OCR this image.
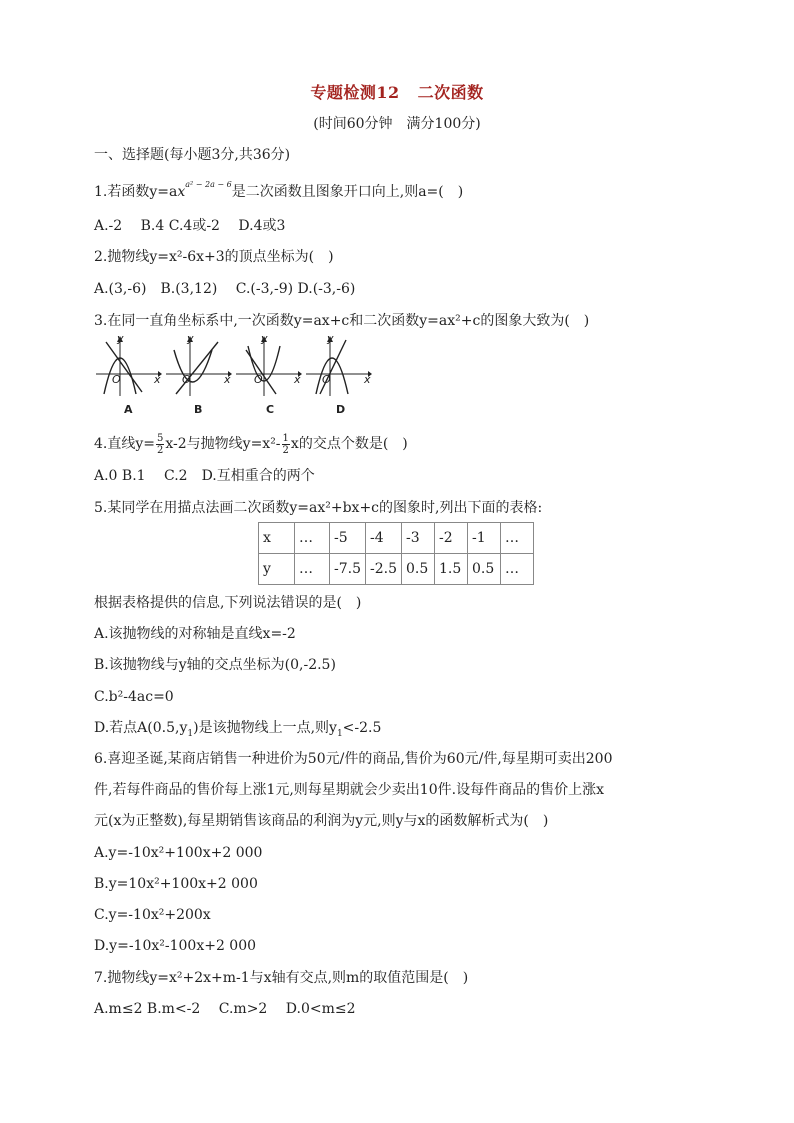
专题检测12 二次函数
(时间60分钟　满分100分)
一、选择题(每小题3分,共36分)
1.若函数$y=ax^{a^2 - 2a - 6}$是二次函数且图象开口向上,则a=(　)
A.-2　 B.4 C.4或-2　 D.4或3
2.抛物线y=x²-6x+3的顶点坐标为(　)
A.(3,-6)　B.(3,12)　 C.(-3,-9) D.(-3,-6)
3.在同一直角坐标系中,一次函数y=ax+c和二次函数y=ax²+c的图象大致为(　)
y
x
O
A
y
x
O
B
y
x
O
C
y
x
O
D
4.直线$y= \frac{5}{2} x-2$与抛物线$y=x^2- \frac{1}{2}$ x的交点个数是(　)
A.0 B.1　 C.2　D.互相重合的两个
5.某同学在用描点法画二次函数y=ax²+bx+c的图象时,列出下面的表格:
x	…	-5	-4	-3	-2	-1	…
y	…	-7.5	-2.5	0.5	1.5	0.5	…
根据表格提供的信息,下列说法错误的是(　)
A.该抛物线的对称轴是直线x=-2
B.该抛物线与y轴的交点坐标为(0,-2.5)
C.b²-4ac=0
D.若点$A(0.5,y_1)$是该抛物线上一点,则$y_1<-2.5$
6.喜迎圣诞,某商店销售一种进价为50元/件的商品,售价为60元/件,每星期可卖出200
件,若每件商品的售价每上涨1元,则每星期就会少卖出10件.设每件商品的售价上涨x
元(x为正整数),每星期销售该商品的利润为y元,则y与x的函数解析式为(　)
A.y=-10x²+100x+2 000
B.y=10x²+100x+2 000
C.y=-10x²+200x
D.y=-10x²-100x+2 000
7.抛物线y=x²+2x+m-1与x轴有交点,则m的取值范围是(　)
A.m≤2 B.m<-2　 C.m>2　 D.0<m≤2
